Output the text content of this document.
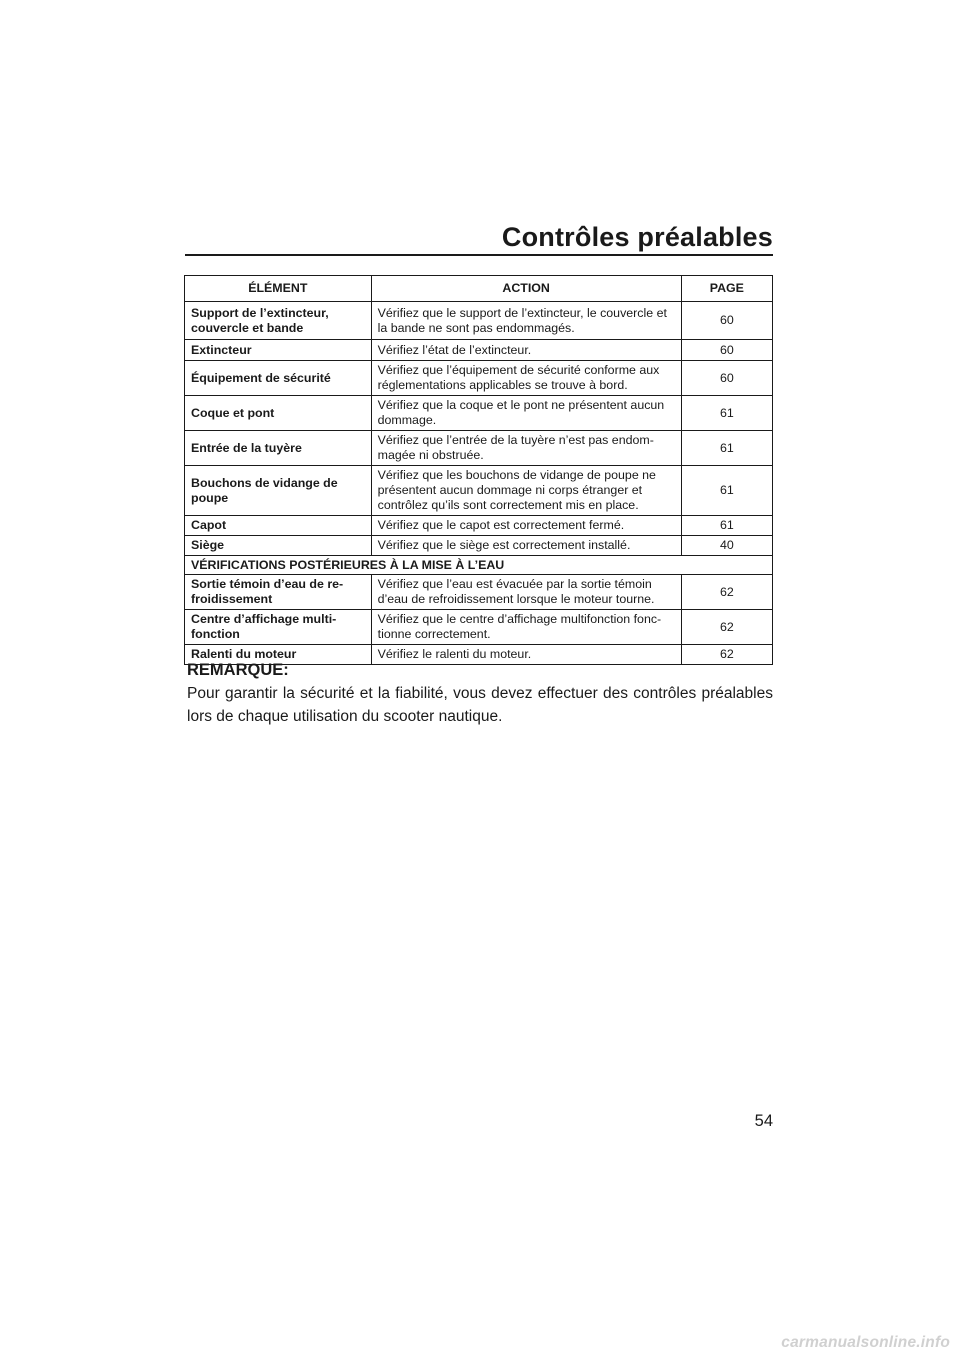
Contrôles préalables
ÉLÉMENT	ACTION	PAGE
Support de l’extincteur, couvercle et bande	Vérifiez que le support de l’extincteur, le couvercle et la bande ne sont pas endommagés.	60
Extincteur	Vérifiez l’état de l’extincteur.	60
Équipement de sécurité	Vérifiez que l’équipement de sécurité conforme aux réglementations applicables se trouve à bord.	60
Coque et pont	Vérifiez que la coque et le pont ne présentent aucun dommage.	61
Entrée de la tuyère	Vérifiez que l’entrée de la tuyère n’est pas endom-magée ni obstruée.	61
Bouchons de vidange de poupe	Vérifiez que les bouchons de vidange de poupe ne présentent aucun dommage ni corps étranger et contrôlez qu’ils sont correctement mis en place.	61
Capot	Vérifiez que le capot est correctement fermé.	61
Siège	Vérifiez que le siège est correctement installé.	40
VÉRIFICATIONS POSTÉRIEURES À LA MISE À L’EAU		
Sortie témoin d’eau de re-froidissement	Vérifiez que l’eau est évacuée par la sortie témoin d’eau de refroidissement lorsque le moteur tourne.	62
Centre d’affichage multi-fonction	Vérifiez que le centre d’affichage multifonction fonc-tionne correctement.	62
Ralenti du moteur	Vérifiez le ralenti du moteur.	62
REMARQUE:
Pour garantir la sécurité et la fiabilité, vous devez effectuer des contrôles préalables lors de chaque utilisation du scooter nautique.
54
carmanualsonline.info
